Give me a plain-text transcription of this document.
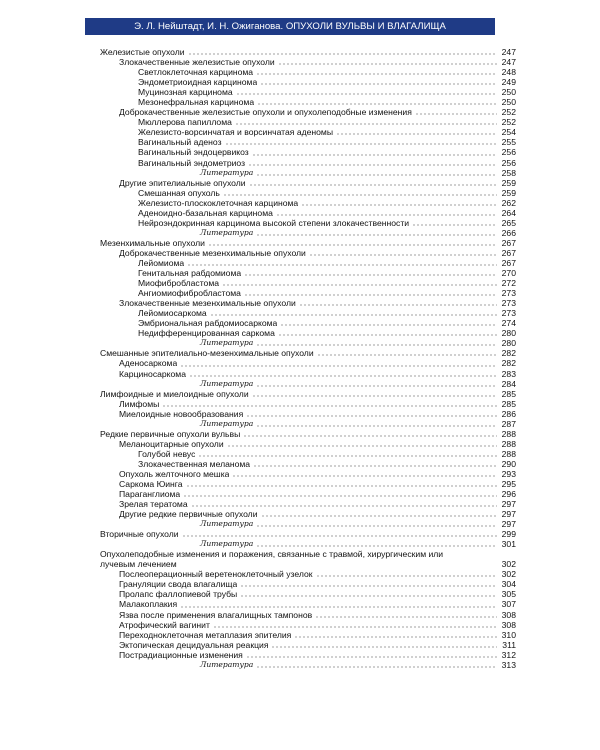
Э. Л. Нейштадт, И. Н. Ожиганова. ОПУХОЛИ ВУЛЬВЫ И ВЛАГАЛИЩА
Железистые опухоли	247
Злокачественные железистые опухоли	247
Светлоклеточная карцинома	248
Эндометриоидная карцинома	249
Муцинозная карцинома	250
Мезонефральная карцинома	250
Доброкачественные железистые опухоли и опухолеподобные изменения	252
Мюллерова папиллома	252
Железисто-ворсинчатая и ворсинчатая аденомы	254
Вагинальный аденоз	255
Вагинальный эндоцервикоз	256
Вагинальный эндометриоз	256
Литература	258
Другие эпителиальные опухоли	259
Смешанная опухоль	259
Железисто-плоскоклеточная карцинома	262
Аденоидно-базальная карцинома	264
Нейроэндокринная карцинома высокой степени злокачественности	265
Литература	266
Мезенхимальные опухоли	267
Доброкачественные мезенхимальные опухоли	267
Лейомиома	267
Генитальная рабдомиома	270
Миофибробластома	272
Ангиомиофибробластома	273
Злокачественные мезенхимальные опухоли	273
Лейомиосаркома	273
Эмбриональная рабдомиосаркома	274
Недифференцированная саркома	280
Литература	280
Смешанные эпителиально-мезенхимальные опухоли	282
Аденосаркома	282
Карциносаркома	283
Литература	284
Лимфоидные и миелоидные опухоли	285
Лимфомы	285
Миелоидные новообразования	286
Литература	287
Редкие первичные опухоли вульвы	288
Меланоцитарные опухоли	288
Голубой невус	288
Злокачественная меланома	290
Опухоль желточного мешка	293
Саркома Юинга	295
Параганглиома	296
Зрелая тератома	297
Другие редкие первичные опухоли	297
Литература	297
Вторичные опухоли	299
Литература	301
Опухолеподобные изменения и поражения, связанные с травмой, хирургическим или лучевым лечением	302
Послеоперационный веретеноклеточный узелок	302
Грануляции свода влагалища	304
Пролапс фаллопиевой трубы	305
Малакоплакия	307
Язва после применения влагалищных тампонов	308
Атрофический вагинит	308
Переходноклеточная метаплазия эпителия	310
Эктопическая децидуальная реакция	311
Пострадиационные изменения	312
Литература	313
